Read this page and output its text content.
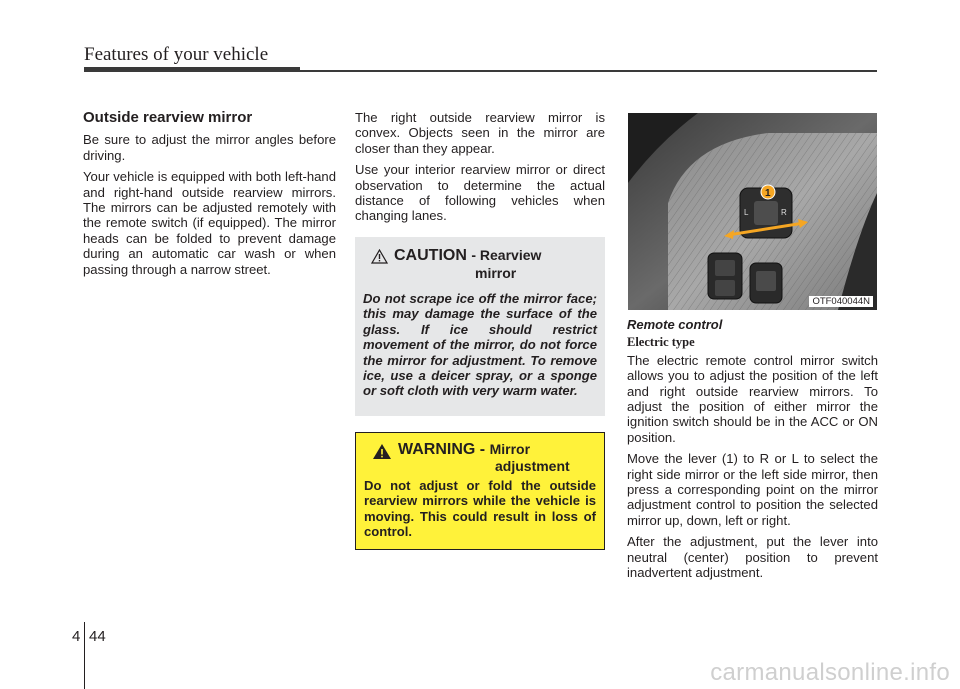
Features of your vehicle
Outside rearview mirror

Be sure to adjust the mirror angles before driving.

Your vehicle is equipped with both left-hand and right-hand outside rearview mirrors. The mirrors can be adjusted remotely with the remote switch (if equipped). The mirror heads can be folded to prevent damage during an automatic car wash or when passing through a narrow street.

The right outside rearview mirror is convex. Objects seen in the mirror are closer than they appear.

Use your interior rearview mirror or direct observation to determine the actual distance of following vehicles when changing lanes.

CAUTION - Rearview
mirror

Do not scrape ice off the mirror face; this may damage the surface of the glass. If ice should restrict movement of the mirror, do not force the mirror for adjustment. To remove ice, use a deicer spray, or a sponge or soft cloth with very warm water.

WARNING - Mirror
adjustment

Do not adjust or fold the outside rearview mirrors while the vehicle is moving. This could result in loss of control.

L	R
1
OTF040044N
Remote control
Electric type

The electric remote control mirror switch allows you to adjust the position of the left and right outside rearview mirrors. To adjust the position of either mirror the ignition switch should be in the ACC or ON position.

Move the lever (1) to R or L to select the right side mirror or the left side mirror, then press a corresponding point on the mirror adjustment control to position the selected mirror up, down, left or right.

After the adjustment, put the lever into neutral (center) position to prevent inadvertent adjustment.

4 44
carmanualsonline.info
